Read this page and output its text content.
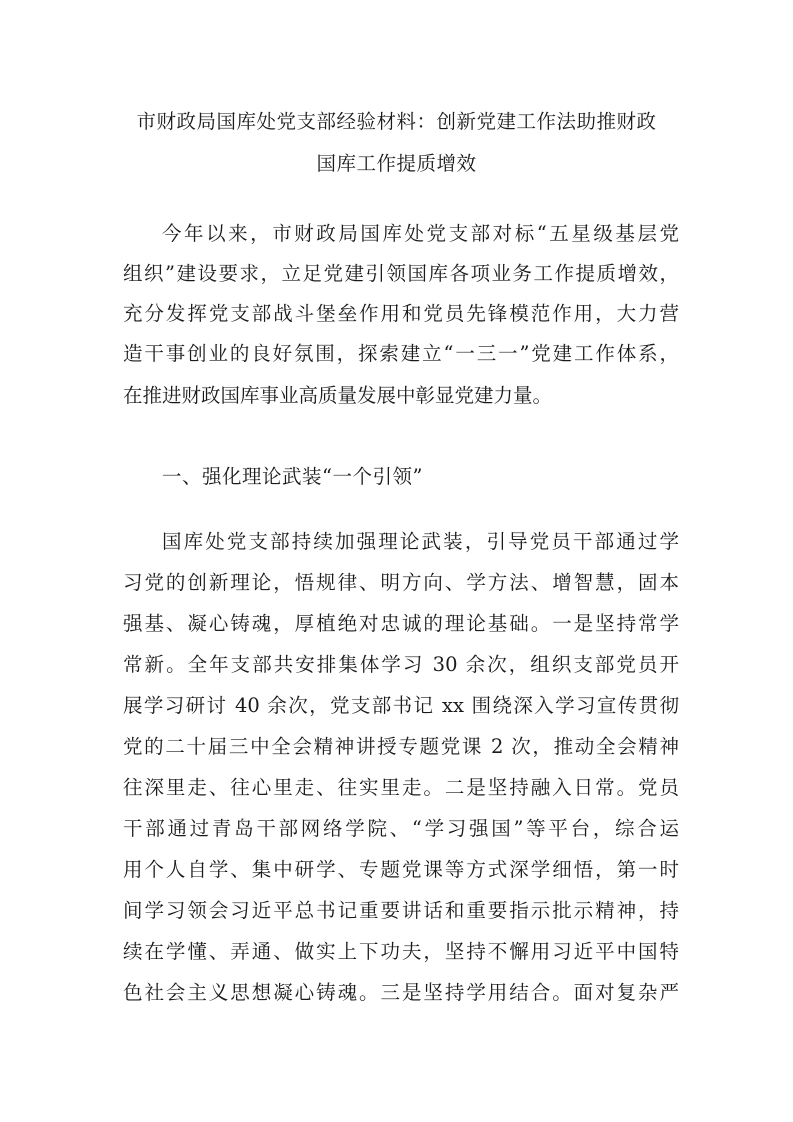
市财政局国库处党支部经验材料：创新党建工作法助推财政
国库工作提质增效
今年以来，市财政局国库处党支部对标“五星级基层党
组织”建设要求，立足党建引领国库各项业务工作提质增效，
充分发挥党支部战斗堡垒作用和党员先锋模范作用，大力营
造干事创业的良好氛围，探索建立“一三一”党建工作体系，
在推进财政国库事业高质量发展中彰显党建力量。
一、强化理论武装“一个引领”
国库处党支部持续加强理论武装，引导党员干部通过学
习党的创新理论，悟规律、明方向、学方法、增智慧，固本
强基、凝心铸魂，厚植绝对忠诚的理论基础。一是坚持常学
常新。全年支部共安排集体学习 30 余次，组织支部党员开
展学习研讨 40 余次，党支部书记 xx 围绕深入学习宣传贯彻
党的二十届三中全会精神讲授专题党课 2 次，推动全会精神
往深里走、往心里走、往实里走。二是坚持融入日常。党员
干部通过青岛干部网络学院、“学习强国”等平台，综合运
用个人自学、集中研学、专题党课等方式深学细悟，第一时
间学习领会习近平总书记重要讲话和重要指示批示精神，持
续在学懂、弄通、做实上下功夫，坚持不懈用习近平中国特
色社会主义思想凝心铸魂。三是坚持学用结合。面对复杂严
